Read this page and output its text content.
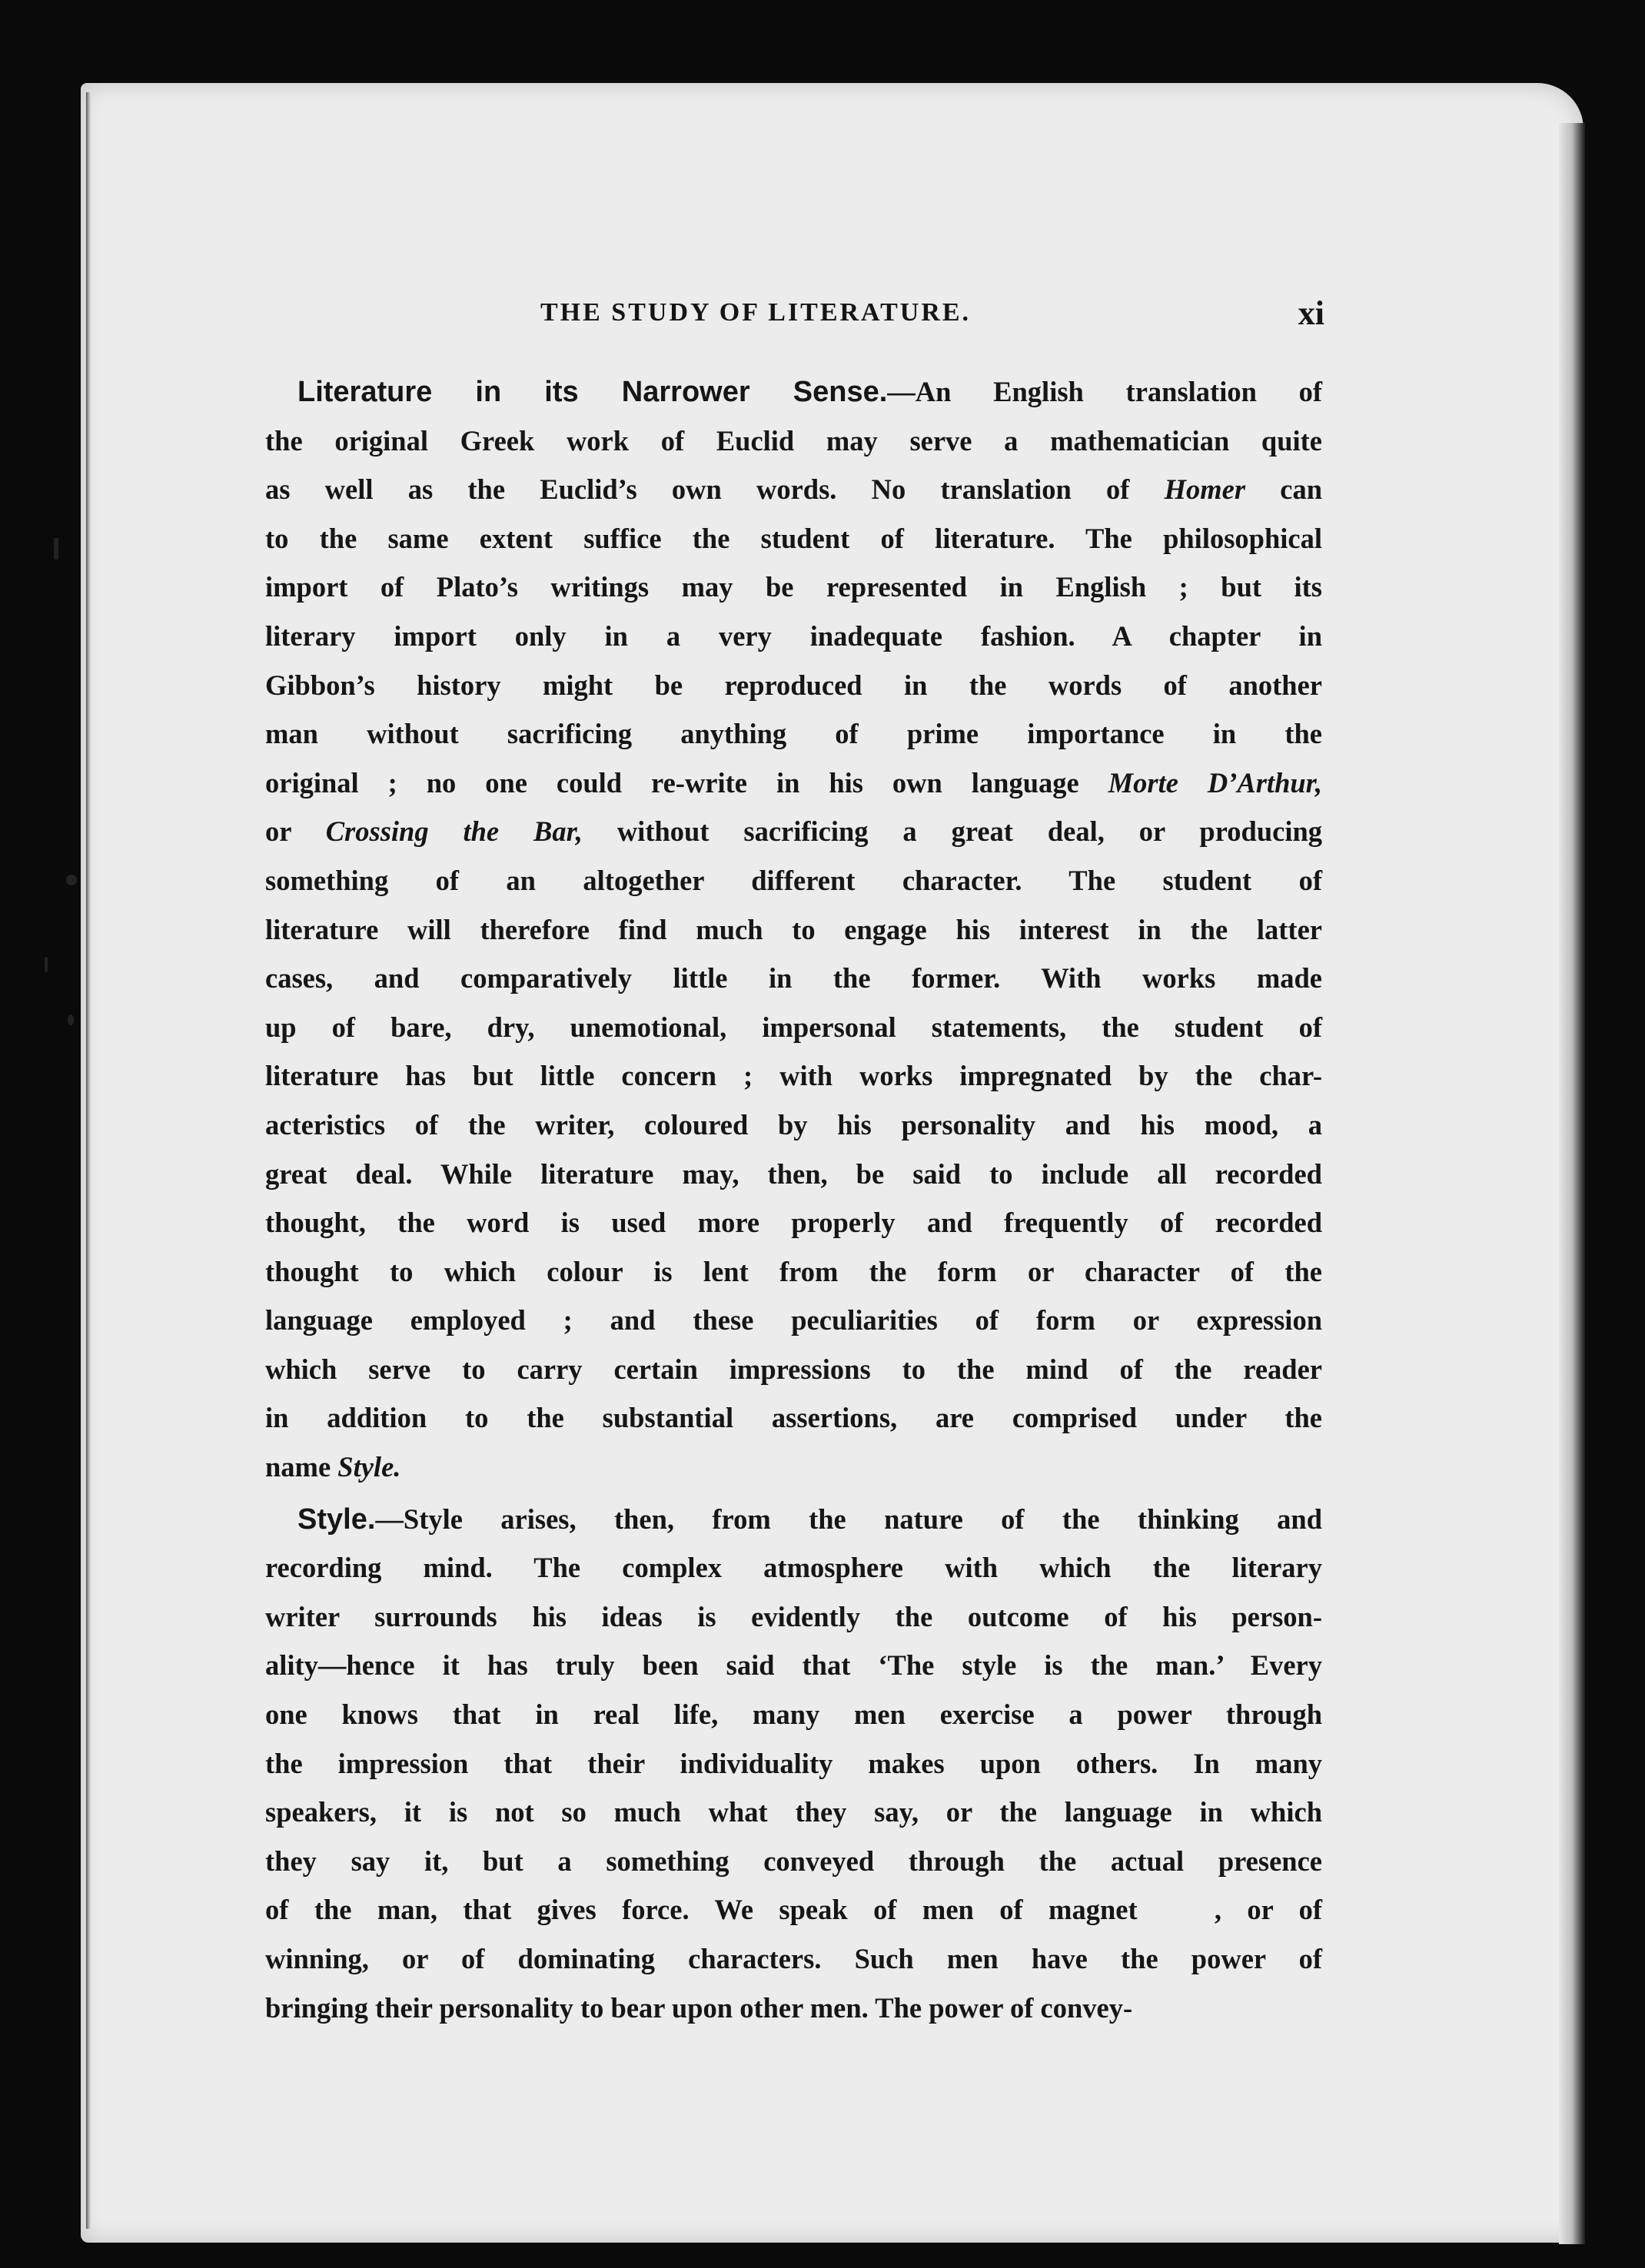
THE STUDY OF LITERATURE.	xi
Literature in its Narrower Sense.—An English translation of
the original Greek work of Euclid may serve a mathematician quite
as well as the Euclid’s own words. No translation of Homer can
to the same extent suffice the student of literature. The philosophical
import of Plato’s writings may be represented in English ; but its
literary import only in a very inadequate fashion. A chapter in
Gibbon’s history might be reproduced in the words of another
man without sacrificing anything of prime importance in the
original ; no one could re-write in his own language Morte D’Arthur,
or Crossing the Bar, without sacrificing a great deal, or producing
something of an altogether different character. The student of
literature will therefore find much to engage his interest in the latter
cases, and comparatively little in the former. With works made
up of bare, dry, unemotional, impersonal statements, the student of
literature has but little concern ; with works impregnated by the char-
acteristics of the writer, coloured by his personality and his mood, a
great deal. While literature may, then, be said to include all recorded
thought, the word is used more properly and frequently of recorded
thought to which colour is lent from the form or character of the
language employed ; and these peculiarities of form or expression
which serve to carry certain impressions to the mind of the reader
in addition to the substantial assertions, are comprised under the
name Style.
Style.—Style arises, then, from the nature of the thinking and
recording mind. The complex atmosphere with which the literary
writer surrounds his ideas is evidently the outcome of his person-
ality—hence it has truly been said that ‘The style is the man.’ Every
one knows that in real life, many men exercise a power through
the impression that their individuality makes upon others. In many
speakers, it is not so much what they say, or the language in which
they say it, but a something conveyed through the actual presence
of the man, that gives force. We speak of men of magnet	, or of
winning, or of dominating characters. Such men have the power of
bringing their personality to bear upon other men. The power of convey-
